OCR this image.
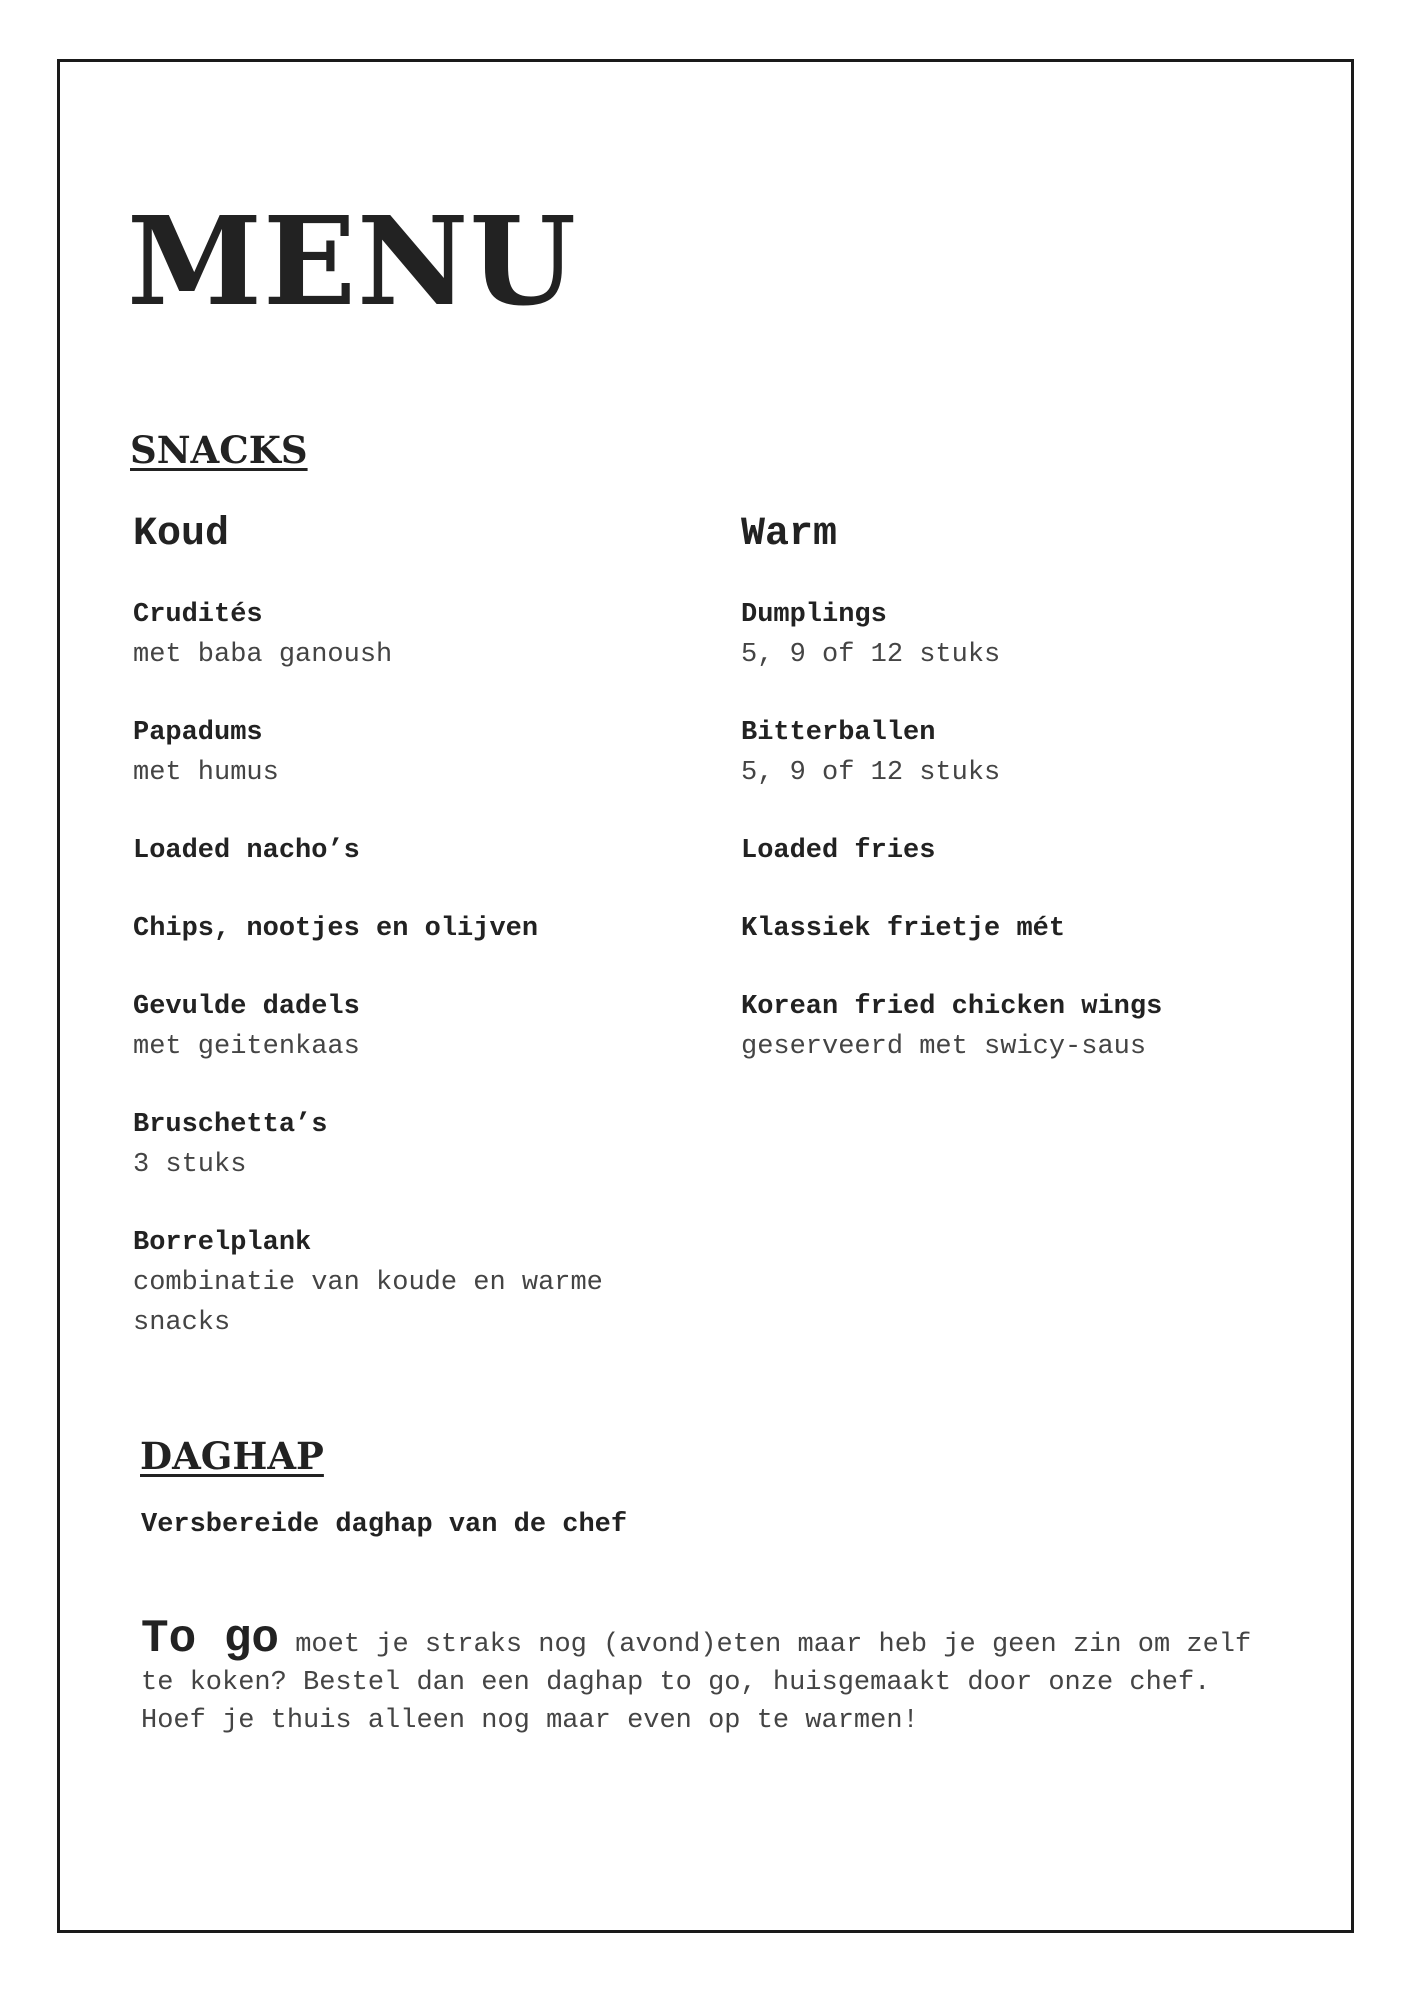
MENU
SNACKS
Koud
Crudités
met baba ganoush
Papadums
met humus
Loaded nacho’s
Chips, nootjes en olijven
Gevulde dadels
met geitenkaas
Bruschetta’s
3 stuks
Borrelplank
combinatie van koude en warme snacks
Warm
Dumplings
5, 9 of 12 stuks
Bitterballen
5, 9 of 12 stuks
Loaded fries
Klassiek frietje mét
Korean fried chicken wings
geserveerd met swicy-saus
DAGHAP

Versbereide daghap van de chef

To go moet je straks nog (avond)eten maar heb je geen zin om zelf te koken? Bestel dan een daghap to go, huisgemaakt door onze chef. Hoef je thuis alleen nog maar even op te warmen!
